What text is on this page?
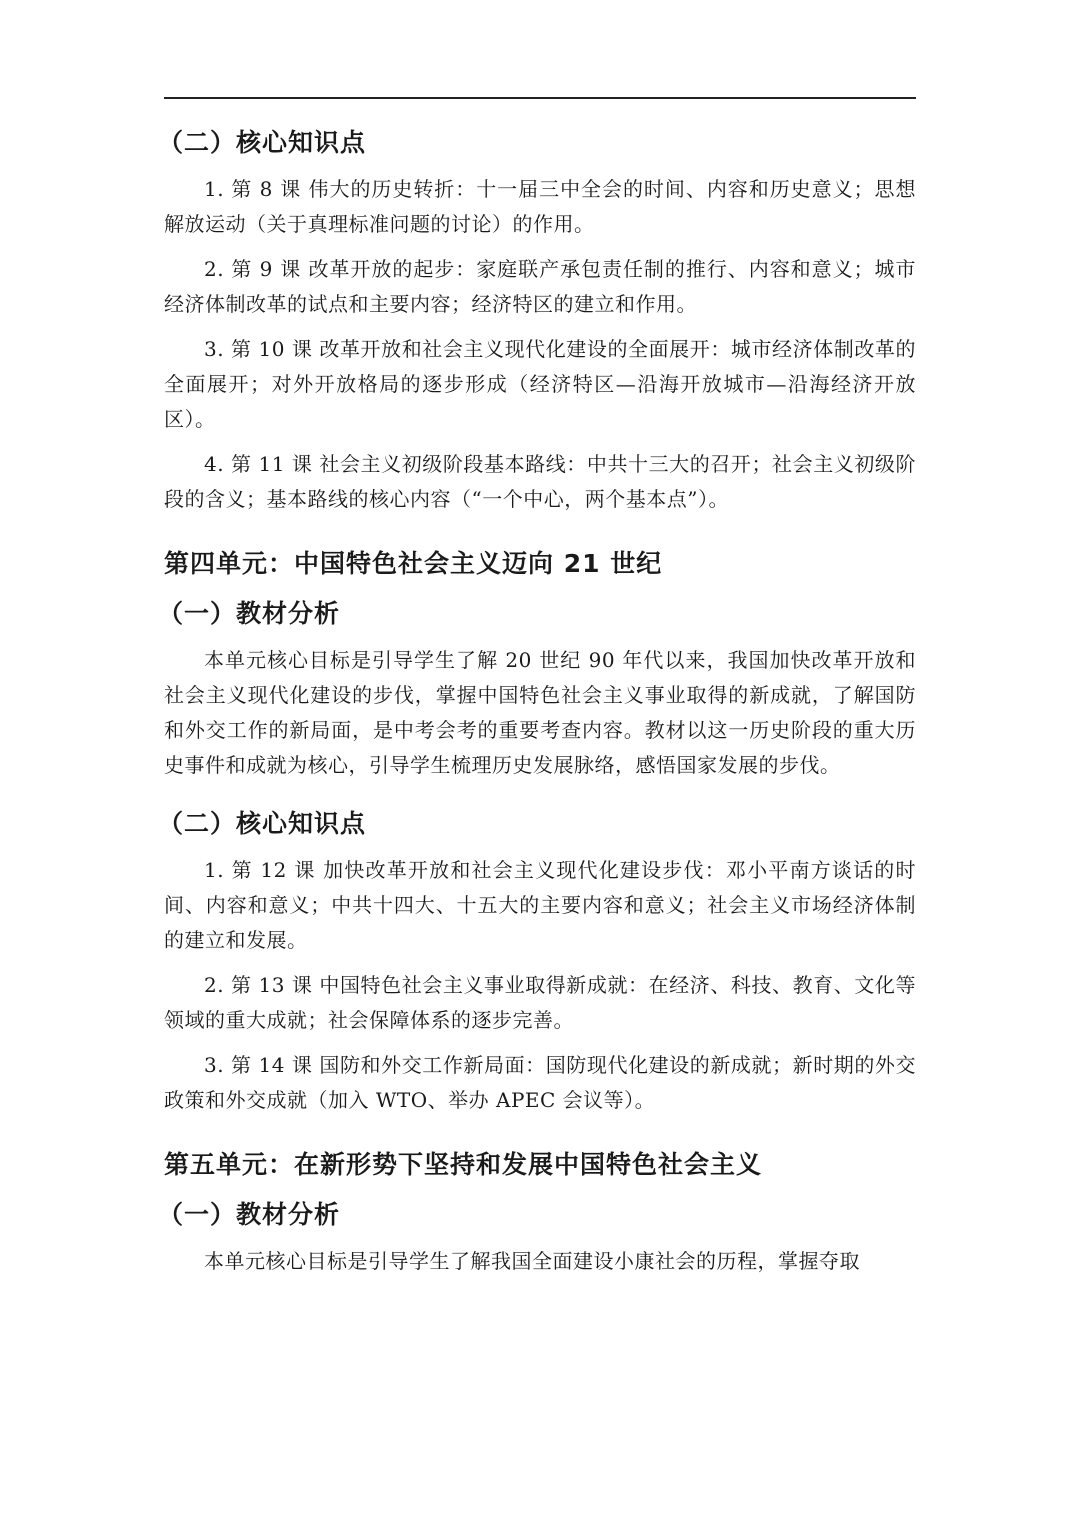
（二）核心知识点

1. 第 8 课 伟大的历史转折：十一届三中全会的时间、内容和历史意义；思想解放运动（关于真理标准问题的讨论）的作用。

2. 第 9 课 改革开放的起步：家庭联产承包责任制的推行、内容和意义；城市经济体制改革的试点和主要内容；经济特区的建立和作用。

3. 第 10 课 改革开放和社会主义现代化建设的全面展开：城市经济体制改革的全面展开；对外开放格局的逐步形成（经济特区—沿海开放城市—沿海经济开放区）。

4. 第 11 课 社会主义初级阶段基本路线：中共十三大的召开；社会主义初级阶段的含义；基本路线的核心内容（“一个中心，两个基本点”）。

第四单元：中国特色社会主义迈向 21 世纪
（一）教材分析

本单元核心目标是引导学生了解 20 世纪 90 年代以来，我国加快改革开放和社会主义现代化建设的步伐，掌握中国特色社会主义事业取得的新成就，了解国防和外交工作的新局面，是中考会考的重要考查内容。教材以这一历史阶段的重大历史事件和成就为核心，引导学生梳理历史发展脉络，感悟国家发展的步伐。

（二）核心知识点

1. 第 12 课 加快改革开放和社会主义现代化建设步伐：邓小平南方谈话的时间、内容和意义；中共十四大、十五大的主要内容和意义；社会主义市场经济体制的建立和发展。

2. 第 13 课 中国特色社会主义事业取得新成就：在经济、科技、教育、文化等领域的重大成就；社会保障体系的逐步完善。

3. 第 14 课 国防和外交工作新局面：国防现代化建设的新成就；新时期的外交政策和外交成就（加入 WTO、举办 APEC 会议等）。

第五单元：在新形势下坚持和发展中国特色社会主义
（一）教材分析

本单元核心目标是引导学生了解我国全面建设小康社会的历程，掌握夺取
